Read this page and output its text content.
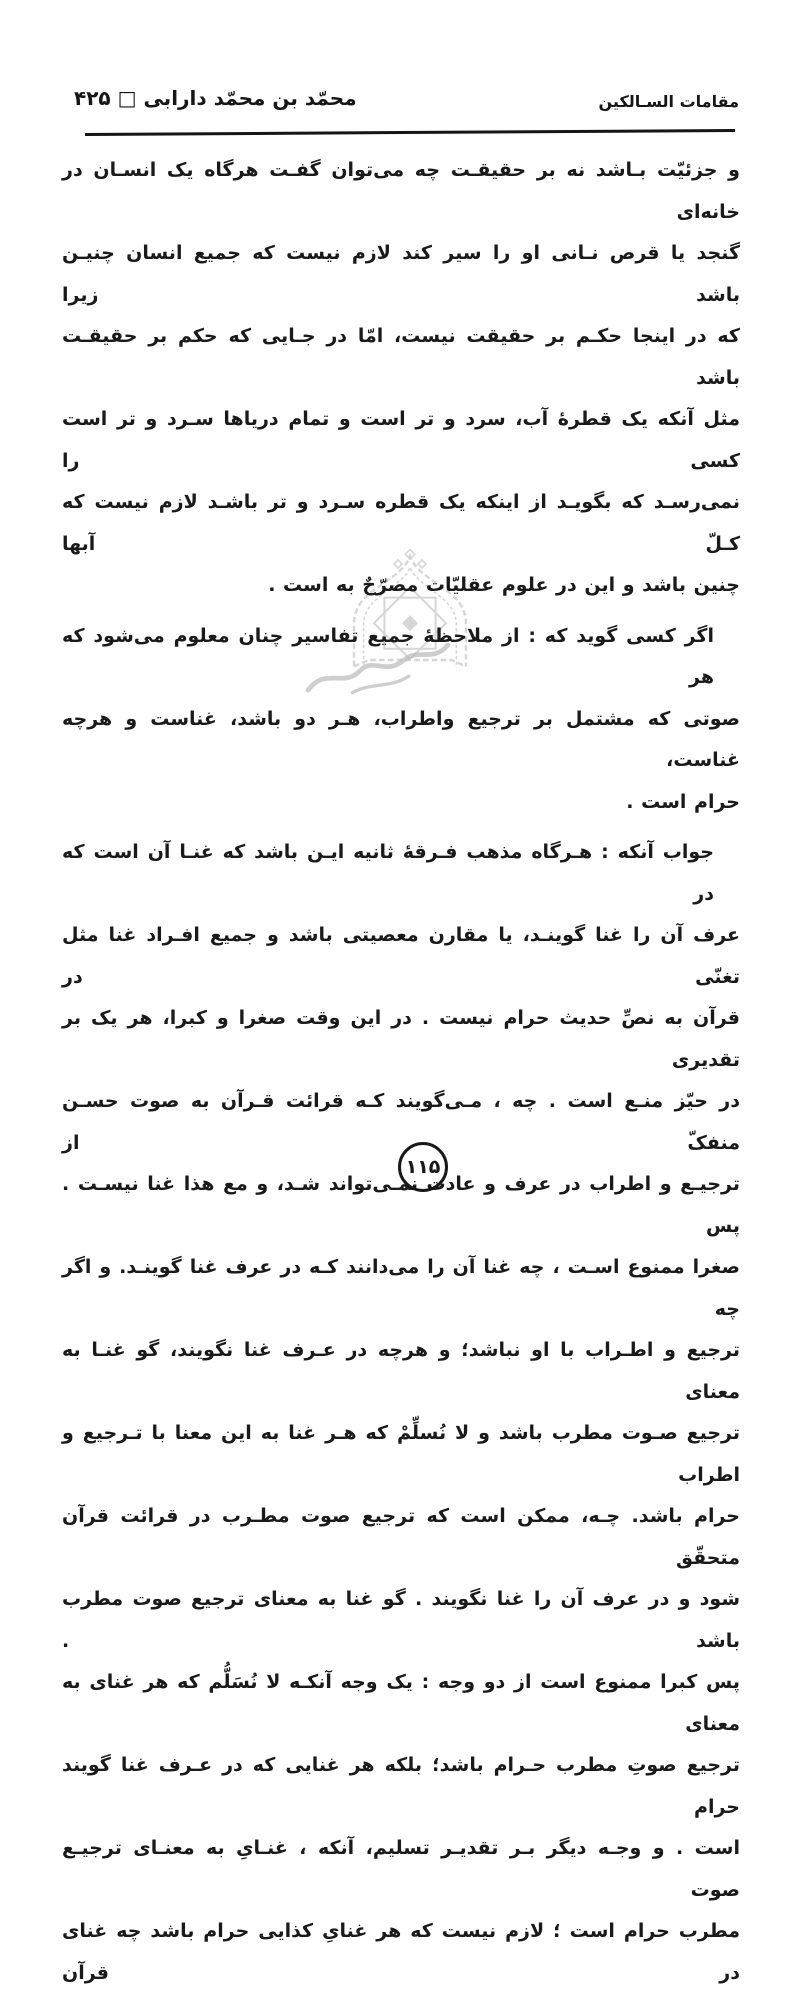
محمّد بن محمّد دارابی □ ۴۲۵	مقامات السـالکین
و جزئیّت بـاشد نه بر حقیقـت چه می‌توان گفـت هرگاه یک انسـان در خانه‌ای
گنجد یا قرص نـانی او را سیر کند لازم نیست که جمیع انسان چنیـن باشد زیرا
که در اینجا حکـم بر حقیقت نیست، امّا در جـایی که حکم بر حقیقـت باشد
مثل آنکه یک قطرهٔ آب، سرد و تر است و تمام دریاها سـرد و تر است کسی را
نمی‌رسـد که بگویـد از اینکه یک قطره سـرد و تر باشـد لازم نیست که کـلّ آبها
چنین باشد و این در علوم عقلیّات مصرّحٌ به است .
اگر کسی گوید که : از ملاحظهٔ جمیع تفاسیر چنان معلوم می‌شود که هر
صوتی که مشتمل بر ترجیع واطراب، هـر دو باشد، غناست و هرچه غناست،
حرام است .
جواب آنکه : هـرگاه مذهب فـرقهٔ ثانیه ایـن باشد که غنـا آن است که در
عرف آن را غنا گوینـد، یا مقارن معصیتی باشد و جمیع افـراد غنا مثل تغنّی در
قرآن به نصِّ حدیث حرام نیست . در این وقت صغرا و کبرا، هر یک بر تقدیری
در حیّز منـع است . چه ، مـی‌گویند کـه قرائت قـرآن به صوت حسـن منفکّ از
ترجیـع و اطراب در عرف و عادت نمـی‌تواند شـد، و مع هذا غنا نیسـت . پس
صغرا ممنوع اسـت ، چه غنا آن را می‌دانند کـه در عرف غنا گوینـد. و اگر چه
ترجیع و اطـراب با او نباشد؛ و هرچه در عـرف غنا نگویند، گو غنـا به معنای
ترجیع صـوت مطرب باشد و لا نُسلِّمْ که هـر غنا به این معنا با تـرجیع و اطراب
حرام باشد. چـه، ممکن است که ترجیع صوت مطـرب در قرائت قرآن متحقّق
شود و در عرف آن را غنا نگویند . گو غنا به معنای ترجیع صوت مطرب باشد .
پس کبرا ممنوع است از دو وجه : یک وجه آنکـه لا نُسَلُّم که هر غنای به معنای
ترجیع صوتِ مطرب حـرام باشد؛ بلکه هر غنایی که در عـرف غنا گویند حرام
است . و وجـه دیگر بـر تقدیـر تسلیم، آنکه ، غنـایِ به معنـای ترجیـع صوت
مطرب حرام است ؛ لازم نیست که هر غنایِ کذایی حرام باشد چه غنای در قرآن
۱۱۵
